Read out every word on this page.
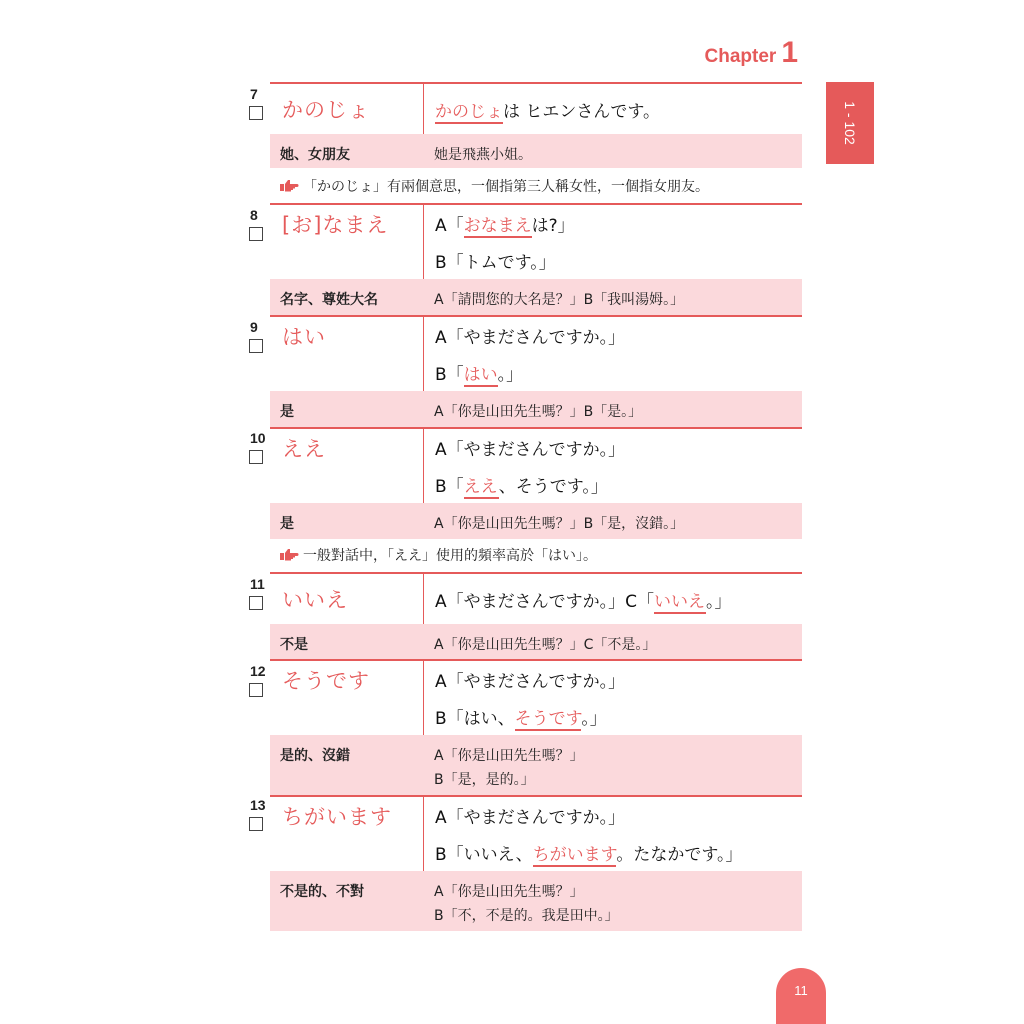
Chapter 1
1 - 102
7
かのじょ	かのじょは ヒエンさんです。
她、女朋友	她是飛燕小姐。
「かのじょ」有兩個意思，一個指第三人稱女性，一個指女朋友。
8	[お]なまえ	A「おなまえは?」
B「トムです。」
名字、尊姓大名	A「請問您的大名是？」B「我叫湯姆。」
9	はい	A「やまださんですか。」
B「はい。」
是	A「你是山田先生嗎？」B「是。」
10 ええ	A「やまださんですか。」
B「ええ、そうです。」
是	A「你是山田先生嗎？」B「是，沒錯。」
一般對話中，「ええ」使用的頻率高於「はい」。
11
いいえ	A「やまださんですか。」C「いいえ。」
不是	A「你是山田先生嗎？」C「不是。」
12 そうです	A「やまださんですか。」
B「はい、そうです。」
是的、沒錯	A「你是山田先生嗎？」
B「是，是的。」
13 ちがいます	A「やまださんですか。」
B「いいえ、ちがいます。たなかです。」
不是的、不對	A「你是山田先生嗎？」
B「不，不是的。我是田中。」
11
